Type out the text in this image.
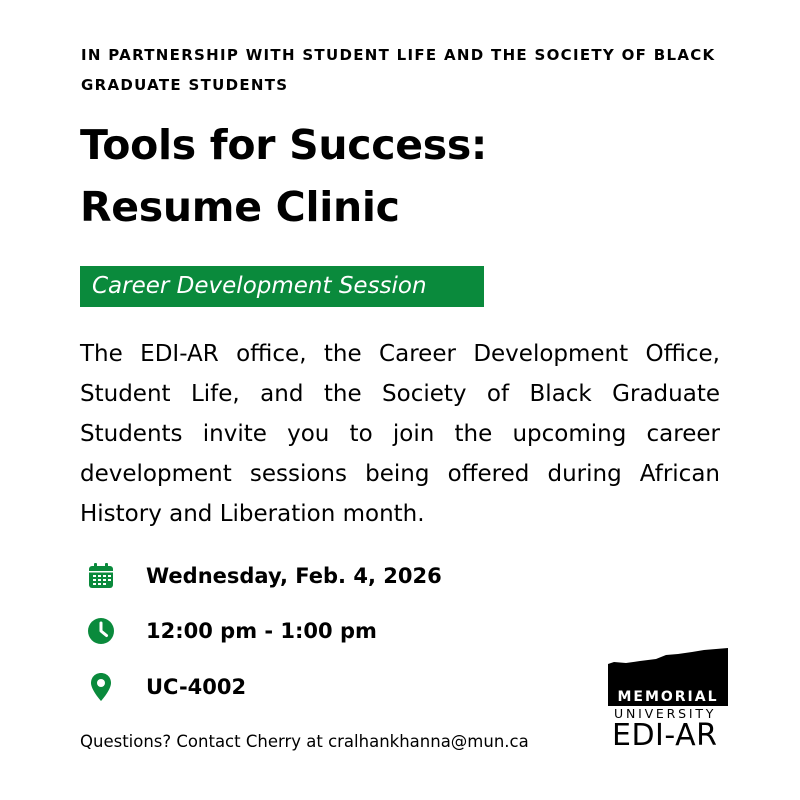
IN PARTNERSHIP WITH STUDENT LIFE AND THE SOCIETY OF BLACK GRADUATE STUDENTS
Tools for Success:
Resume Clinic
Career Development Session
The EDI-AR office, the Career Development Office, Student Life, and the Society of Black Graduate Students invite you to join the upcoming career development sessions being offered during African History and Liberation month.
Wednesday, Feb. 4, 2026
12:00 pm - 1:00 pm
UC-4002
Questions? Contact Cherry at cralhankhanna@mun.ca
MEMORIAL
UNIVERSITY
EDI-AR
